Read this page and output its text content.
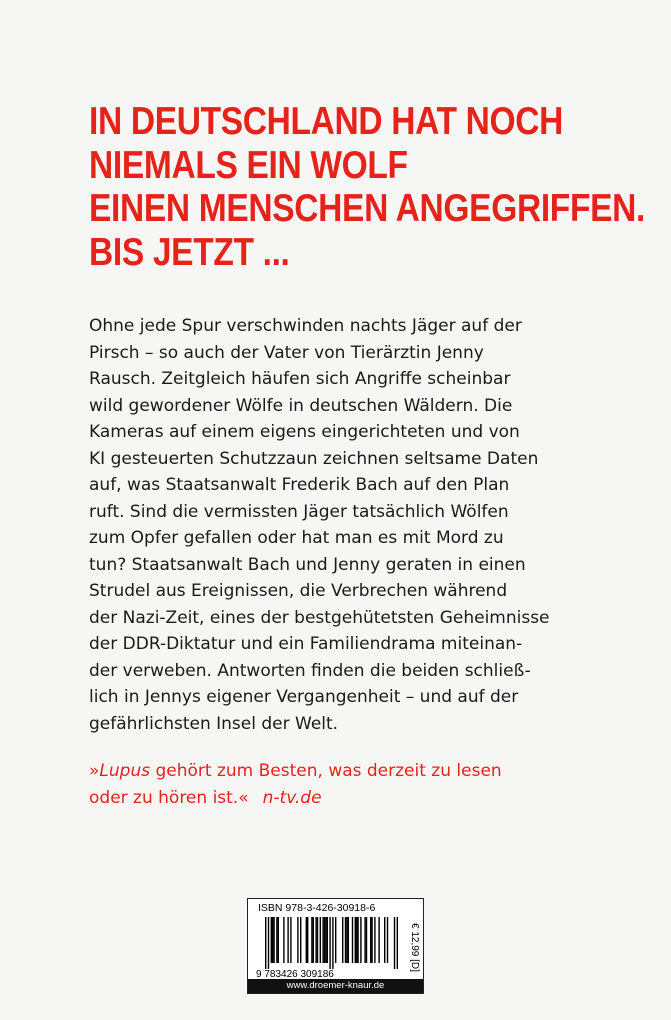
IN DEUTSCHLAND HAT NOCH
NIEMALS EIN WOLF
EINEN MENSCHEN ANGEGRIFFEN.
BIS JETZT ...

Ohne jede Spur verschwinden nachts Jäger auf der
Pirsch – so auch der Vater von Tierärztin Jenny
Rausch. Zeitgleich häufen sich Angriffe scheinbar
wild gewordener Wölfe in deutschen Wäldern. Die
Kameras auf einem eigens eingerichteten und von
KI gesteuerten Schutzzaun zeichnen seltsame Daten
auf, was Staatsanwalt Frederik Bach auf den Plan
ruft. Sind die vermissten Jäger tatsächlich Wölfen
zum Opfer gefallen oder hat man es mit Mord zu
tun? Staatsanwalt Bach und Jenny geraten in einen
Strudel aus Ereignissen, die Verbrechen während
der Nazi-Zeit, eines der bestgehütetsten Geheimnisse
der DDR-Diktatur und ein Familiendrama miteinan-
der verweben. Antworten finden die beiden schließ-
lich in Jennys eigener Vergangenheit – und auf der
gefährlichsten Insel der Welt.

»Lupus gehört zum Besten, was derzeit zu lesen
oder zu hören ist.« n-tv.de

ISBN 978-3-426-30918-6
9 783426 309186
€ 12,99 [D]
www.droemer-knaur.de
